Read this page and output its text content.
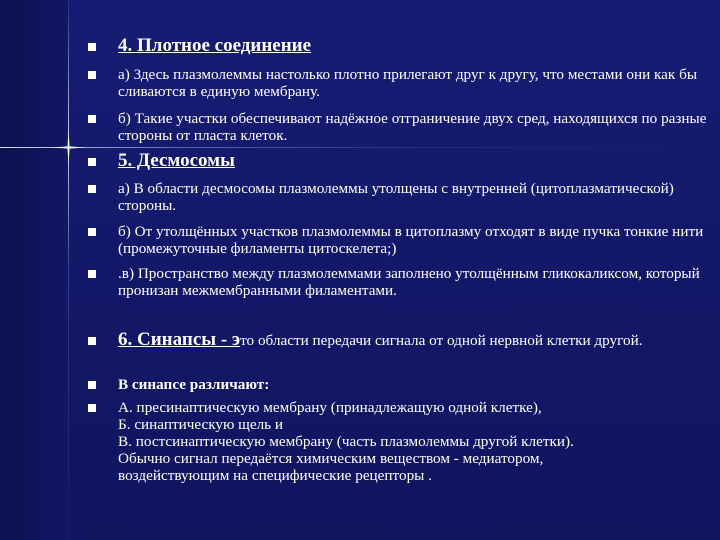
4. Плотное соединение
а) Здесь плазмолеммы настолько плотно прилегают друг к другу, что местами они как бы сливаются в единую мембрану.
б) Такие участки обеспечивают надёжное отграничение двух сред, находящихся по разные стороны от пласта клеток.
5. Десмосомы
а) В области десмосомы плазмолеммы утолщены с внутренней (цитоплазматической) стороны.
б) От утолщённых участков плазмолеммы в цитоплазму отходят в виде пучка тонкие нити (промежуточные филаменты цитоскелета;)
.в) Пространство между плазмолеммами заполнено утолщённым гликокаликсом, который пронизан межмембранными филаментами.
6. Синапсы - это области передачи сигнала от одной нервной клетки другой.
В синапсе различают:
А. пресинаптическую мембрану (принадлежащую одной клетке),
Б. синаптическую щель и
В. постсинаптическую мембрану (часть плазмолеммы другой клетки).
Обычно сигнал передаётся химическим веществом - медиатором,
воздействующим на специфические рецепторы .
